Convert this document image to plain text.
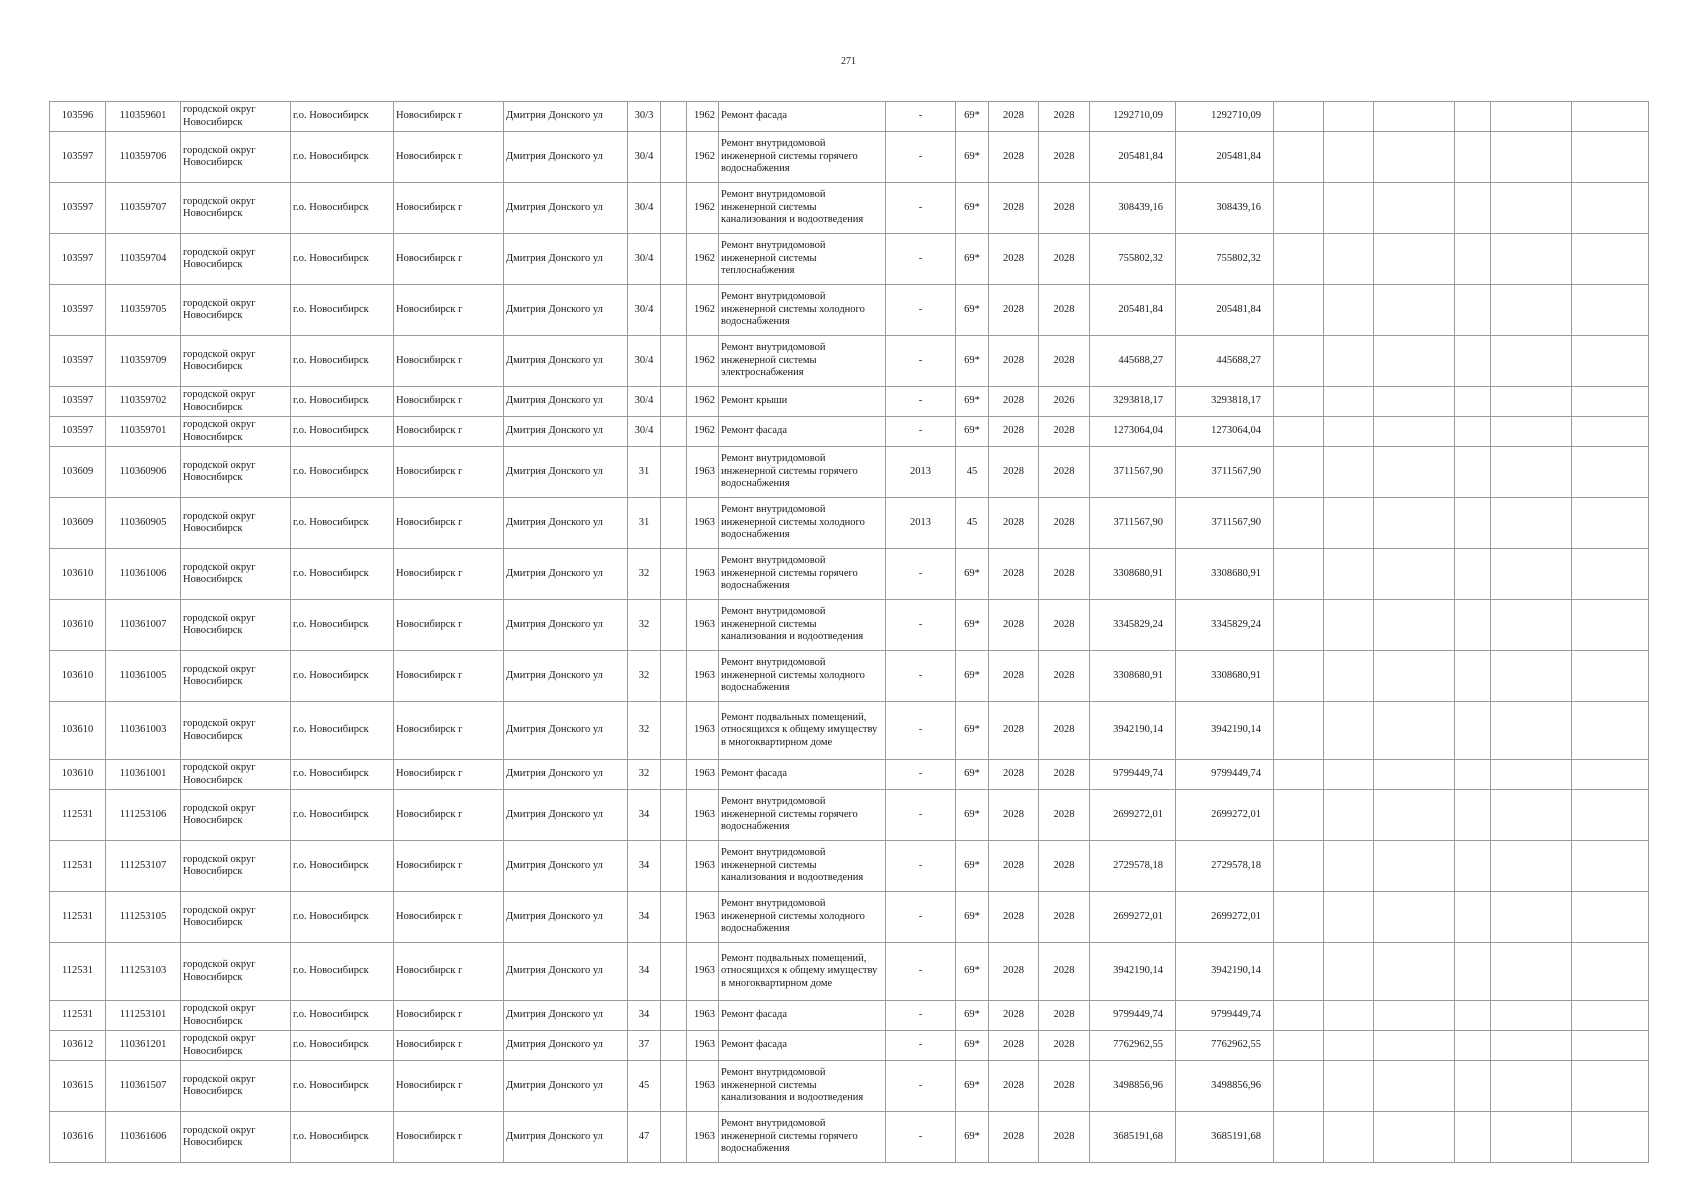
271
103596	110359601	городской округ Новосибирск	г.о. Новосибирск	Новосибирск г	Дмитрия Донского ул	30/3		1962	Ремонт фасада	-	69*	2028	2028	1292710,09	1292710,09						
103597	110359706	городской округ Новосибирск	г.о. Новосибирск	Новосибирск г	Дмитрия Донского ул	30/4		1962	Ремонт внутридомовой инженерной системы горячего водоснабжения	-	69*	2028	2028	205481,84	205481,84						
103597	110359707	городской округ Новосибирск	г.о. Новосибирск	Новосибирск г	Дмитрия Донского ул	30/4		1962	Ремонт внутридомовой инженерной системы канализования и водоотведения	-	69*	2028	2028	308439,16	308439,16						
103597	110359704	городской округ Новосибирск	г.о. Новосибирск	Новосибирск г	Дмитрия Донского ул	30/4		1962	Ремонт внутридомовой инженерной системы теплоснабжения	-	69*	2028	2028	755802,32	755802,32						
103597	110359705	городской округ Новосибирск	г.о. Новосибирск	Новосибирск г	Дмитрия Донского ул	30/4		1962	Ремонт внутридомовой инженерной системы холодного водоснабжения	-	69*	2028	2028	205481,84	205481,84						
103597	110359709	городской округ Новосибирск	г.о. Новосибирск	Новосибирск г	Дмитрия Донского ул	30/4		1962	Ремонт внутридомовой инженерной системы электроснабжения	-	69*	2028	2028	445688,27	445688,27						
103597	110359702	городской округ Новосибирск	г.о. Новосибирск	Новосибирск г	Дмитрия Донского ул	30/4		1962	Ремонт крыши	-	69*	2028	2026	3293818,17	3293818,17						
103597	110359701	городской округ Новосибирск	г.о. Новосибирск	Новосибирск г	Дмитрия Донского ул	30/4		1962	Ремонт фасада	-	69*	2028	2028	1273064,04	1273064,04						
103609	110360906	городской округ Новосибирск	г.о. Новосибирск	Новосибирск г	Дмитрия Донского ул	31		1963	Ремонт внутридомовой инженерной системы горячего водоснабжения	2013	45	2028	2028	3711567,90	3711567,90						
103609	110360905	городской округ Новосибирск	г.о. Новосибирск	Новосибирск г	Дмитрия Донского ул	31		1963	Ремонт внутридомовой инженерной системы холодного водоснабжения	2013	45	2028	2028	3711567,90	3711567,90						
103610	110361006	городской округ Новосибирск	г.о. Новосибирск	Новосибирск г	Дмитрия Донского ул	32		1963	Ремонт внутридомовой инженерной системы горячего водоснабжения	-	69*	2028	2028	3308680,91	3308680,91						
103610	110361007	городской округ Новосибирск	г.о. Новосибирск	Новосибирск г	Дмитрия Донского ул	32		1963	Ремонт внутридомовой инженерной системы канализования и водоотведения	-	69*	2028	2028	3345829,24	3345829,24						
103610	110361005	городской округ Новосибирск	г.о. Новосибирск	Новосибирск г	Дмитрия Донского ул	32		1963	Ремонт внутридомовой инженерной системы холодного водоснабжения	-	69*	2028	2028	3308680,91	3308680,91						
103610	110361003	городской округ Новосибирск	г.о. Новосибирск	Новосибирск г	Дмитрия Донского ул	32		1963	Ремонт подвальных помещений, относящихся к общему имуществу в многоквартирном доме	-	69*	2028	2028	3942190,14	3942190,14						
103610	110361001	городской округ Новосибирск	г.о. Новосибирск	Новосибирск г	Дмитрия Донского ул	32		1963	Ремонт фасада	-	69*	2028	2028	9799449,74	9799449,74						
112531	111253106	городской округ Новосибирск	г.о. Новосибирск	Новосибирск г	Дмитрия Донского ул	34		1963	Ремонт внутридомовой инженерной системы горячего водоснабжения	-	69*	2028	2028	2699272,01	2699272,01						
112531	111253107	городской округ Новосибирск	г.о. Новосибирск	Новосибирск г	Дмитрия Донского ул	34		1963	Ремонт внутридомовой инженерной системы канализования и водоотведения	-	69*	2028	2028	2729578,18	2729578,18						
112531	111253105	городской округ Новосибирск	г.о. Новосибирск	Новосибирск г	Дмитрия Донского ул	34		1963	Ремонт внутридомовой инженерной системы холодного водоснабжения	-	69*	2028	2028	2699272,01	2699272,01						
112531	111253103	городской округ Новосибирск	г.о. Новосибирск	Новосибирск г	Дмитрия Донского ул	34		1963	Ремонт подвальных помещений, относящихся к общему имуществу в многоквартирном доме	-	69*	2028	2028	3942190,14	3942190,14						
112531	111253101	городской округ Новосибирск	г.о. Новосибирск	Новосибирск г	Дмитрия Донского ул	34		1963	Ремонт фасада	-	69*	2028	2028	9799449,74	9799449,74						
103612	110361201	городской округ Новосибирск	г.о. Новосибирск	Новосибирск г	Дмитрия Донского ул	37		1963	Ремонт фасада	-	69*	2028	2028	7762962,55	7762962,55						
103615	110361507	городской округ Новосибирск	г.о. Новосибирск	Новосибирск г	Дмитрия Донского ул	45		1963	Ремонт внутридомовой инженерной системы канализования и водоотведения	-	69*	2028	2028	3498856,96	3498856,96						
103616	110361606	городской округ Новосибирск	г.о. Новосибирск	Новосибирск г	Дмитрия Донского ул	47		1963	Ремонт внутридомовой инженерной системы горячего водоснабжения	-	69*	2028	2028	3685191,68	3685191,68						
